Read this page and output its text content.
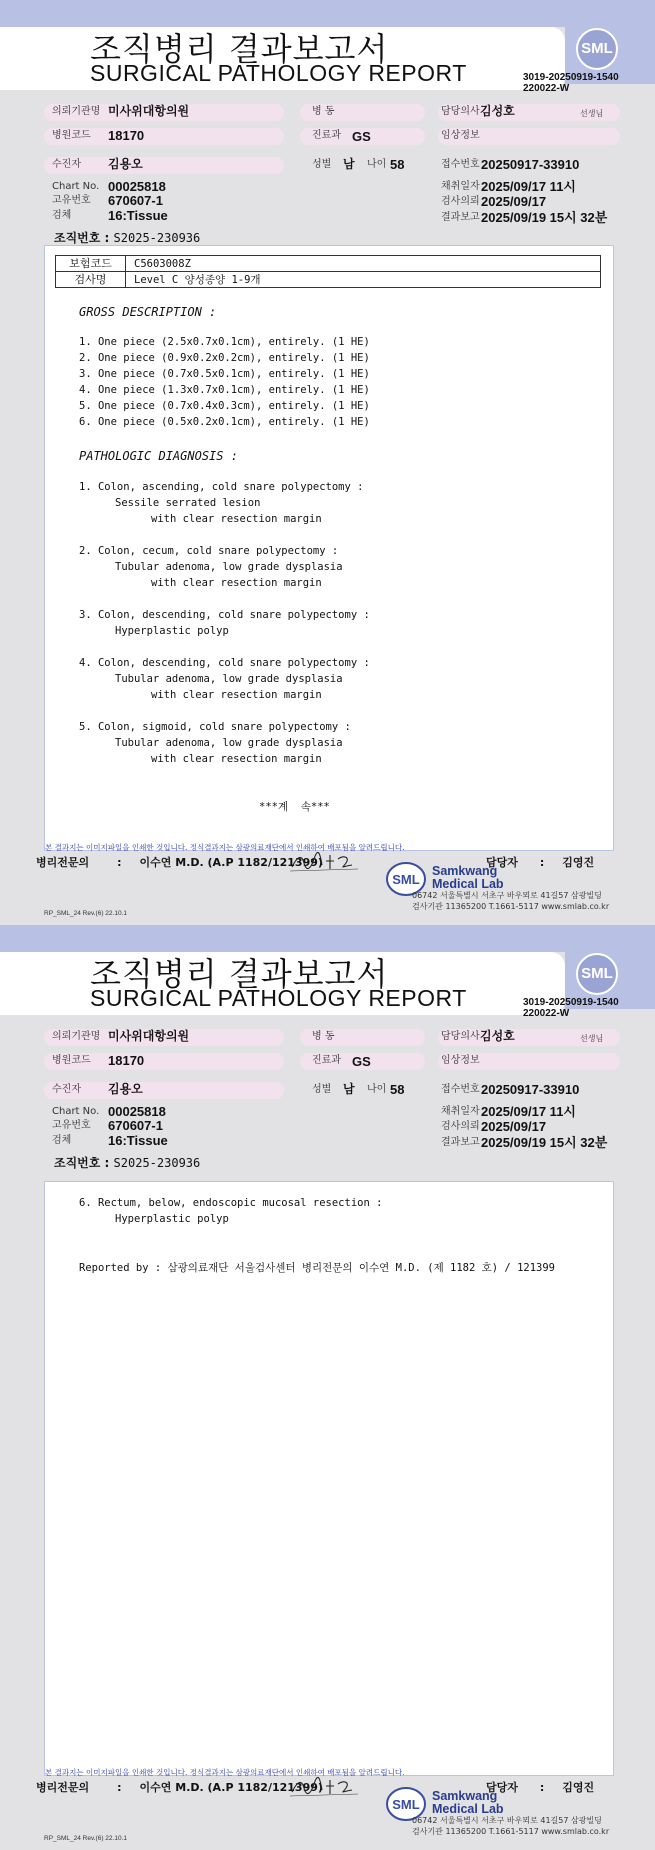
조직병리 결과보고서
SURGICAL PATHOLOGY REPORT
SML
3019-20250919-1540
220022-W
의뢰기관명 미사위대항의원
병원코드 18170
수진자 김용오
Chart No. 00025818
고유번호 670607-1
검체	16:Tissue
병 동
진료과 GS
성별 남 나이 58
담당의사 김성호	선생님
임상정보
접수번호 20250917-33910
채취일자 2025/09/17 11시
검사의뢰 2025/09/17
결과보고 2025/09/19 15시 32분
조직번호 : S2025-230936
보험코드	C5603008Z
검사명	Level C 양성종양 1-9개
GROSS DESCRIPTION :
1. One piece (2.5x0.7x0.1cm), entirely. (1 HE)
2. One piece (0.9x0.2x0.2cm), entirely. (1 HE)
3. One piece (0.7x0.5x0.1cm), entirely. (1 HE)
4. One piece (1.3x0.7x0.1cm), entirely. (1 HE)
5. One piece (0.7x0.4x0.3cm), entirely. (1 HE)
6. One piece (0.5x0.2x0.1cm), entirely. (1 HE)
PATHOLOGIC DIAGNOSIS :
1. Colon, ascending, cold snare polypectomy :
Sessile serrated lesion
with clear resection margin
2. Colon, cecum, cold snare polypectomy :
Tubular adenoma, low grade dysplasia
with clear resection margin
3. Colon, descending, cold snare polypectomy :
Hyperplastic polyp
4. Colon, descending, cold snare polypectomy :
Tubular adenoma, low grade dysplasia
with clear resection margin
5. Colon, sigmoid, cold snare polypectomy :
Tubular adenoma, low grade dysplasia
with clear resection margin
***계  속***
본 결과지는 이미지파일을 인쇄한 것입니다. 정식결과지는 삼광의료재단에서 인쇄하여 배포됨을 알려드립니다.
병리전문의	: 이수연 M.D. (A.P 1182/121399)	담당자 : 김영진
SML
Samkwang
Medical Lab
06742 서울특별시 서초구 바우뫼로 41길57 삼광빌딩
검사기관 11365200 T.1661-5117 www.smlab.co.kr
RP_SML_24 Rev.(6) 22.10.1
조직병리 결과보고서
SURGICAL PATHOLOGY REPORT
SML
3019-20250919-1540
220022-W
의뢰기관명 미사위대항의원
병원코드 18170
수진자 김용오
Chart No. 00025818
고유번호 670607-1
검체	16:Tissue
병 동
진료과 GS
성별 남 나이 58
담당의사 김성호	선생님
임상정보
접수번호 20250917-33910
채취일자 2025/09/17 11시
검사의뢰 2025/09/17
결과보고 2025/09/19 15시 32분
조직번호 : S2025-230936
6. Rectum, below, endoscopic mucosal resection :
Hyperplastic polyp
Reported by : 삼광의료재단 서울검사센터 병리전문의 이수연 M.D. (제 1182 호) / 121399
본 결과지는 이미지파일을 인쇄한 것입니다. 정식결과지는 삼광의료재단에서 인쇄하여 배포됨을 알려드립니다.
병리전문의	: 이수연 M.D. (A.P 1182/121399)	담당자 : 김영진
SML
Samkwang
Medical Lab
06742 서울특별시 서초구 바우뫼로 41길57 삼광빌딩
검사기관 11365200 T.1661-5117 www.smlab.co.kr
RP_SML_24 Rev.(6) 22.10.1
